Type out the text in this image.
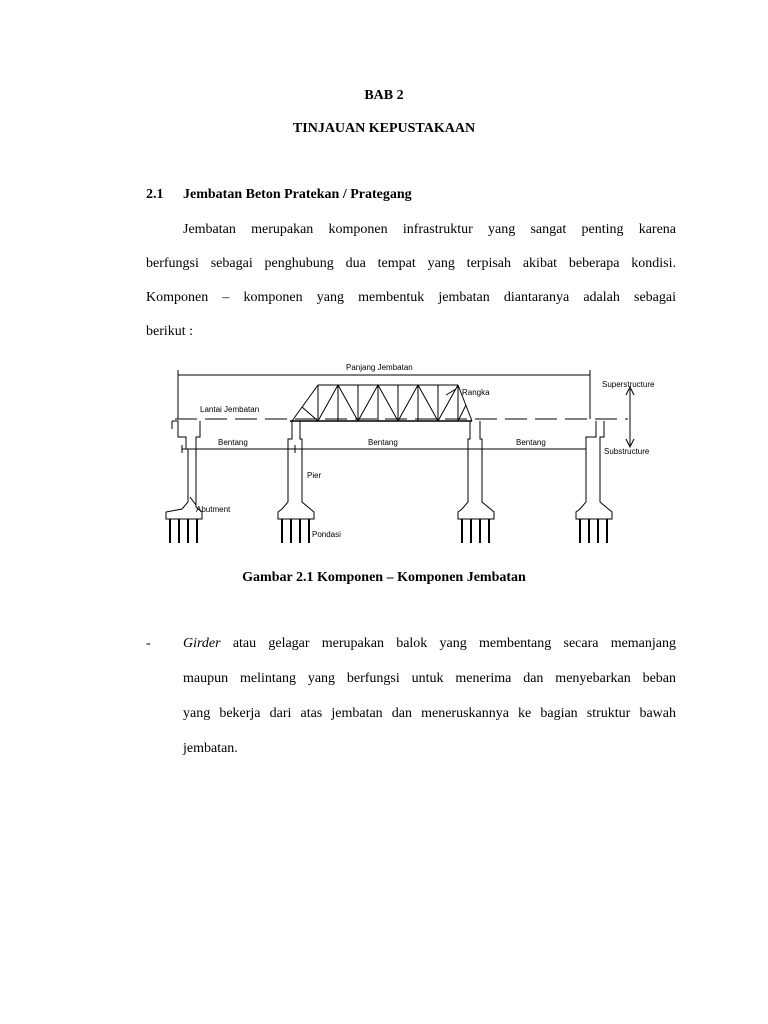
BAB 2
TINJAUAN KEPUSTAKAAN
2.1 Jembatan Beton Pratekan / Prategang
Jembatan merupakan komponen infrastruktur yang sangat penting karena
berfungsi sebagai penghubung dua tempat yang terpisah akibat beberapa kondisi.
Komponen – komponen yang membentuk jembatan diantaranya adalah sebagai
berikut :
Panjang Jembatan
Rangka
Lantai Jembatan
Superstructure
Substructure
Bentang	Bentang	Bentang
Pier
Abutment
Pondasi
Gambar 2.1 Komponen – Komponen Jembatan
- Girder atau gelagar merupakan balok yang membentang secara memanjang
maupun melintang yang berfungsi untuk menerima dan menyebarkan beban
yang bekerja dari atas jembatan dan meneruskannya ke bagian struktur bawah
jembatan.
